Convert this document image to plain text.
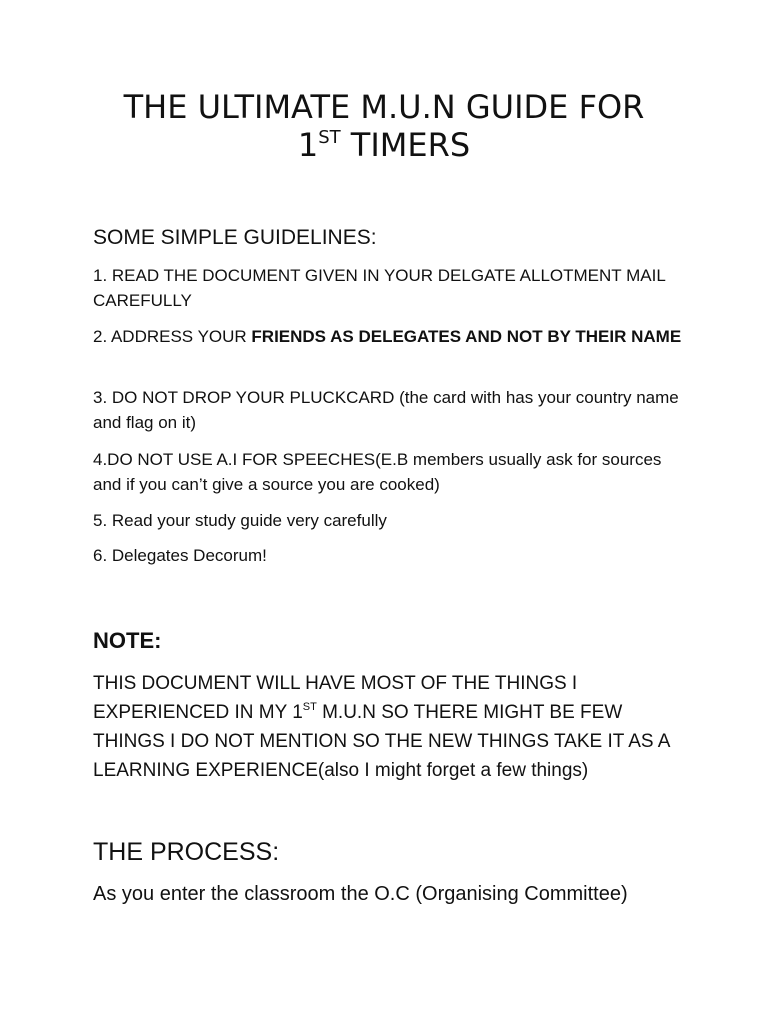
THE ULTIMATE M.U.N GUIDE FOR
1ST TIMERS
SOME SIMPLE GUIDELINES:

1. READ THE DOCUMENT GIVEN IN YOUR DELGATE ALLOTMENT MAIL CAREFULLY

2. ADDRESS YOUR FRIENDS AS DELEGATES AND NOT BY THEIR NAME

3. DO NOT DROP YOUR PLUCKCARD (the card with has your country name and flag on it)

4.DO NOT USE A.I FOR SPEECHES(E.B members usually ask for sources and if you can’t give a source you are cooked)

5. Read your study guide very carefully

6. Delegates Decorum!

NOTE:

THIS DOCUMENT WILL HAVE MOST OF THE THINGS I EXPERIENCED IN MY 1ST M.U.N SO THERE MIGHT BE FEW THINGS I DO NOT MENTION SO THE NEW THINGS TAKE IT AS A LEARNING EXPERIENCE(also I might forget a few things)

THE PROCESS:

As you enter the classroom the O.C (Organising Committee)
